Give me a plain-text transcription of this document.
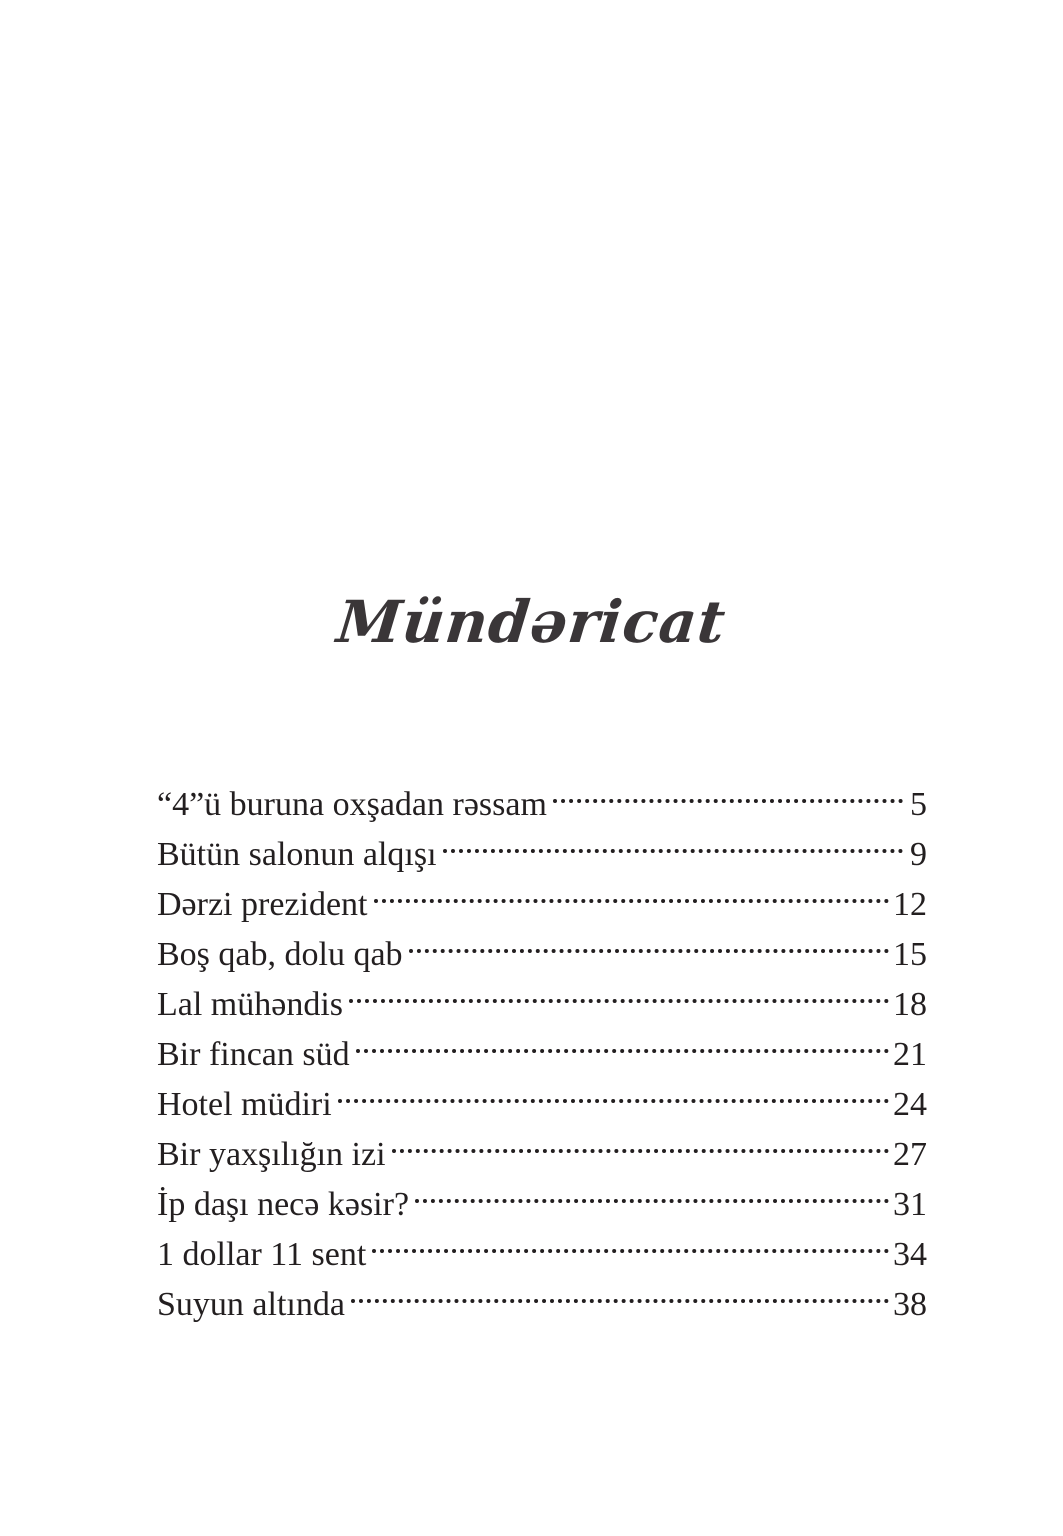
Mündəricat
“4”ü buruna oxşadan rəssam	5
Bütün salonun alqışı	9
Dərzi prezident	12
Boş qab, dolu qab	15
Lal mühəndis	18
Bir fincan süd	21
Hotel müdiri	24
Bir yaxşılığın izi	27
İp daşı necə kəsir?	31
1 dollar 11 sent	34
Suyun altında	38
